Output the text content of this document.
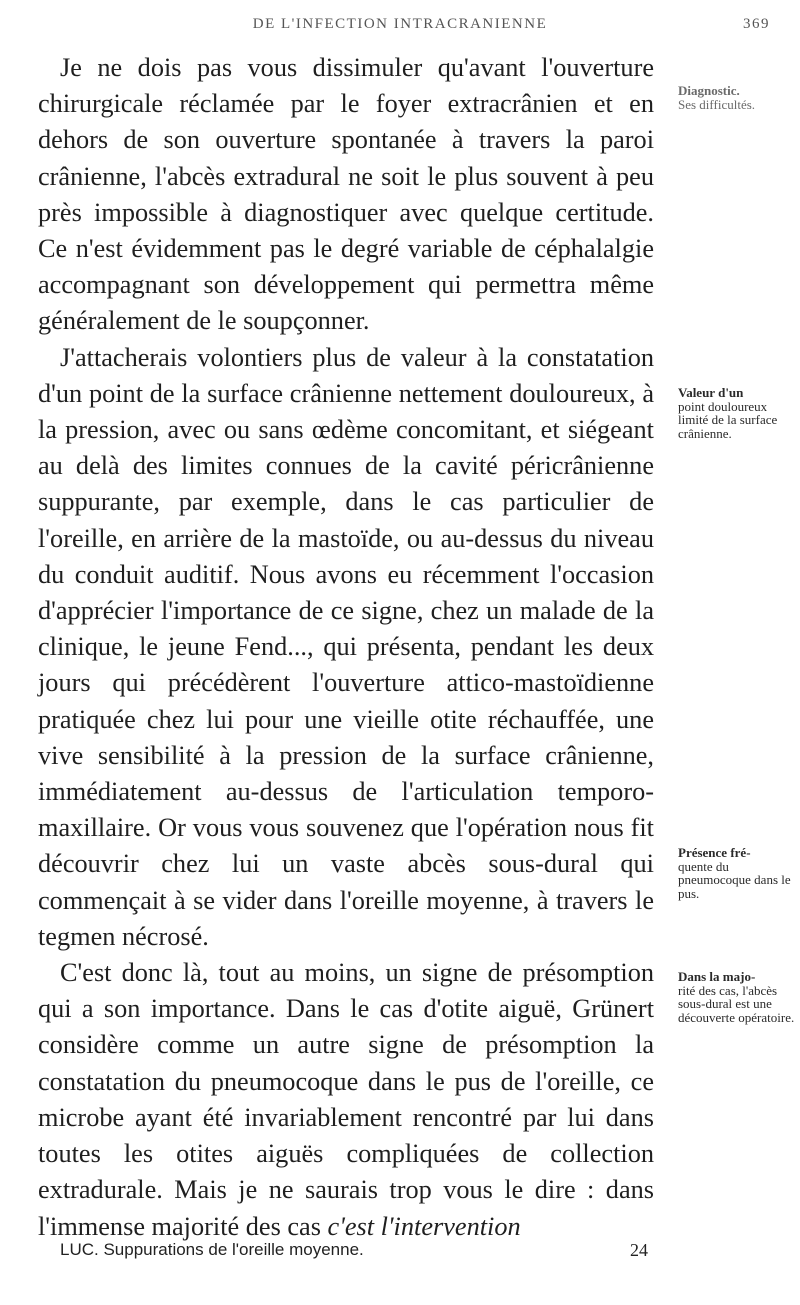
DE L'INFECTION INTRACRANIENNE	369

Je ne dois pas vous dissimuler qu'avant l'ouverture chirurgicale réclamée par le foyer extracrânien et en dehors de son ouverture spontanée à travers la paroi crânienne, l'abcès extradural ne soit le plus souvent à peu près impossible à diagnostiquer avec quelque certitude. Ce n'est évidemment pas le degré variable de céphalalgie accompagnant son développement qui permettra même généralement de le soupçonner.

J'attacherais volontiers plus de valeur à la constatation d'un point de la surface crânienne nettement douloureux, à la pression, avec ou sans œdème concomitant, et siégeant au delà des limites connues de la cavité péricrânienne suppurante, par exemple, dans le cas particulier de l'oreille, en arrière de la mastoïde, ou au-dessus du niveau du conduit auditif. Nous avons eu récemment l'occasion d'apprécier l'importance de ce signe, chez un malade de la clinique, le jeune Fend..., qui présenta, pendant les deux jours qui précédèrent l'ouverture attico-mastoïdienne pratiquée chez lui pour une vieille otite réchauffée, une vive sensibilité à la pression de la surface crânienne, immédiatement au-dessus de l'articulation temporo-maxillaire. Or vous vous souvenez que l'opération nous fit découvrir chez lui un vaste abcès sous-dural qui commençait à se vider dans l'oreille moyenne, à travers le tegmen nécrosé.

C'est donc là, tout au moins, un signe de présomption qui a son importance. Dans le cas d'otite aiguë, Grünert considère comme un autre signe de présomption la constatation du pneumocoque dans le pus de l'oreille, ce microbe ayant été invariablement rencontré par lui dans toutes les otites aiguës compliquées de collection extradurale. Mais je ne saurais trop vous le dire : dans l'immense majorité des cas c'est l'intervention

Diagnostic.
Ses difficultés.
Valeur d'un
point douloureux limité de la surface crânienne.
Présence fré-
quente du pneumocoque dans le pus.
Dans la majo-
rité des cas, l'abcès sous-dural est une découverte opératoire.
LUC. Suppurations de l'oreille moyenne.	24
